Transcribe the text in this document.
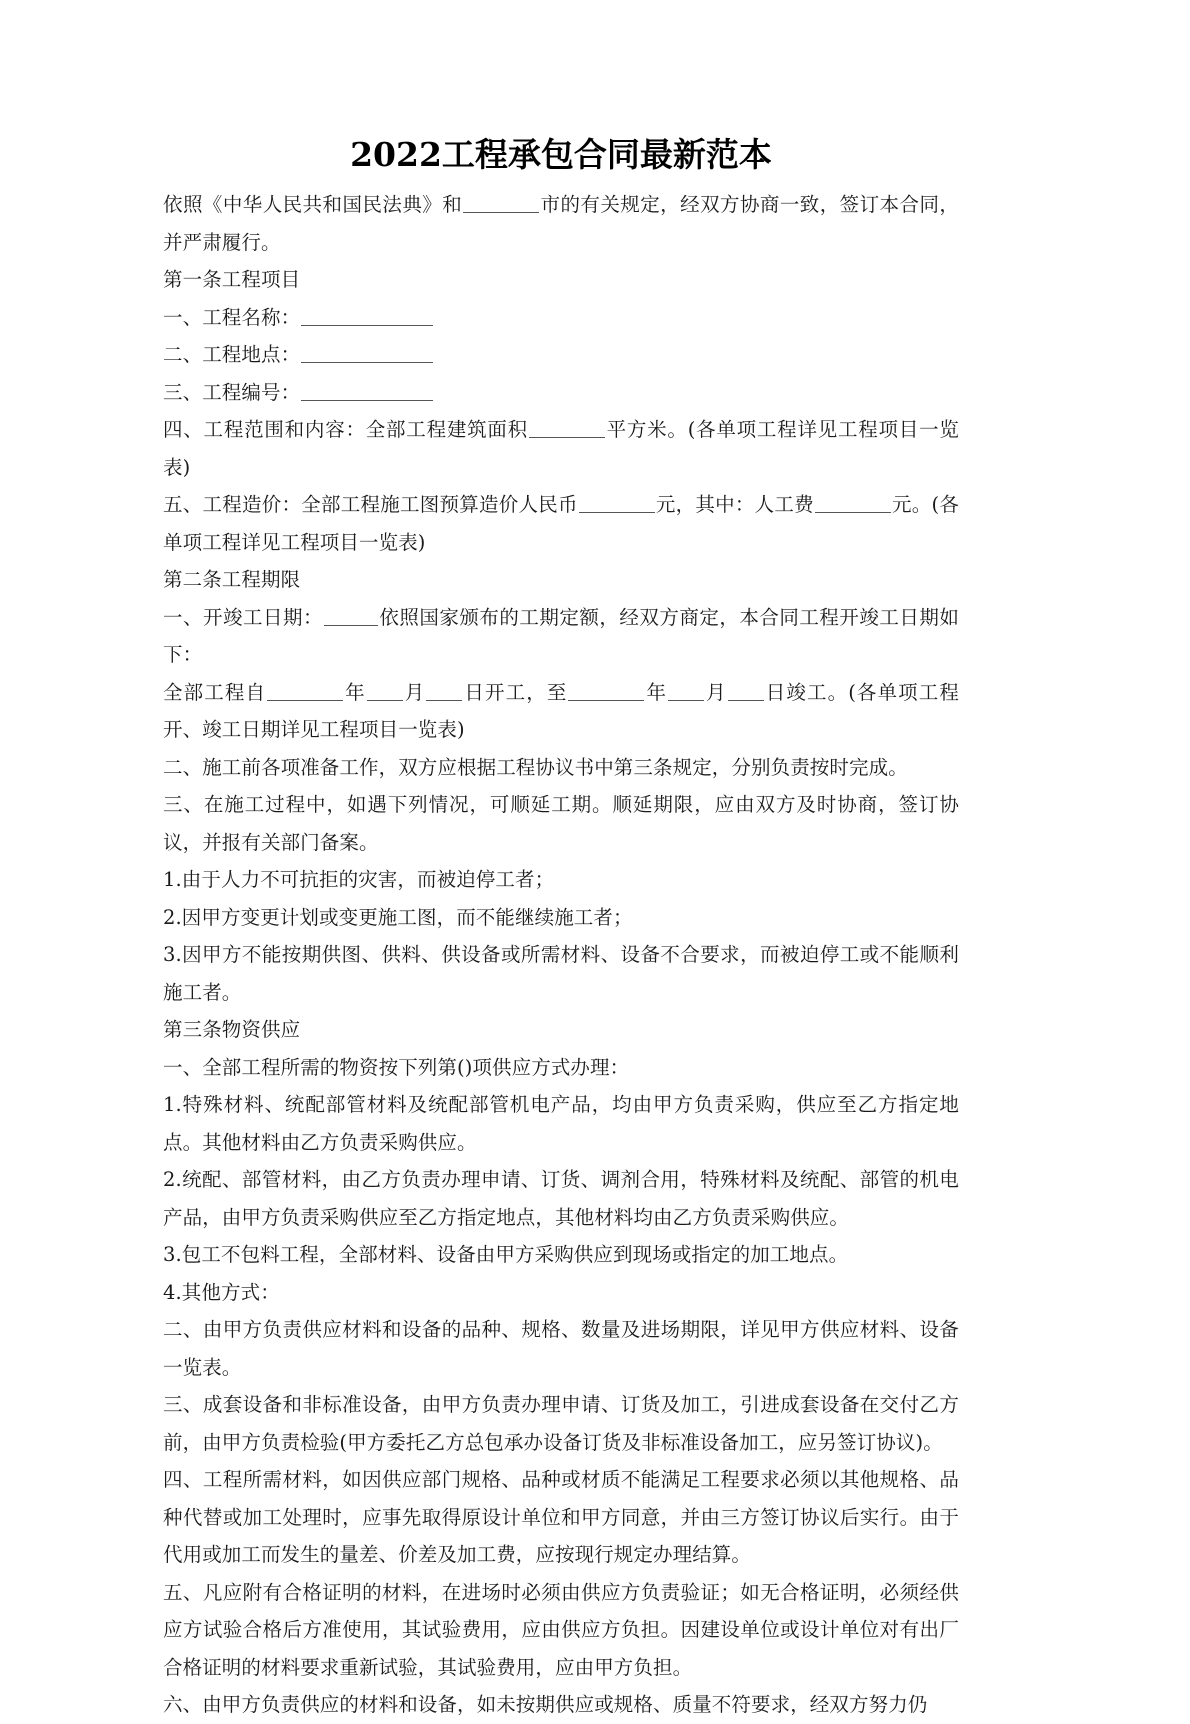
2022工程承包合同最新范本

依照《中华人民共和国民法典》和	市的有关规定，经双方协商一致，签订本合同，并严肃履行。

第一条工程项目

一、工程名称：

二、工程地点：

三、工程编号：

四、工程范围和内容：全部工程建筑面积	平方米。(各单项工程详见工程项目一览表)

五、工程造价：全部工程施工图预算造价人民币	元，其中：人工费	元。(各单项工程详见工程项目一览表)

第二条工程期限

一、开竣工日期：	依照国家颁布的工期定额，经双方商定，本合同工程开竣工日期如下：

全部工程自	年 月 日开工，至	年 月 日竣工。(各单项工程开、竣工日期详见工程项目一览表)

二、施工前各项准备工作，双方应根据工程协议书中第三条规定，分别负责按时完成。

三、在施工过程中，如遇下列情况，可顺延工期。顺延期限，应由双方及时协商，签订协议，并报有关部门备案。

1.由于人力不可抗拒的灾害，而被迫停工者；

2.因甲方变更计划或变更施工图，而不能继续施工者；

3.因甲方不能按期供图、供料、供设备或所需材料、设备不合要求，而被迫停工或不能顺利施工者。

第三条物资供应

一、全部工程所需的物资按下列第()项供应方式办理：

1.特殊材料、统配部管材料及统配部管机电产品，均由甲方负责采购，供应至乙方指定地点。其他材料由乙方负责采购供应。

2.统配、部管材料，由乙方负责办理申请、订货、调剂合用，特殊材料及统配、部管的机电产品，由甲方负责采购供应至乙方指定地点，其他材料均由乙方负责采购供应。

3.包工不包料工程，全部材料、设备由甲方采购供应到现场或指定的加工地点。

4.其他方式：

二、由甲方负责供应材料和设备的品种、规格、数量及进场期限，详见甲方供应材料、设备一览表。

三、成套设备和非标准设备，由甲方负责办理申请、订货及加工，引进成套设备在交付乙方前，由甲方负责检验(甲方委托乙方总包承办设备订货及非标准设备加工，应另签订协议)。

四、工程所需材料，如因供应部门规格、品种或材质不能满足工程要求必须以其他规格、品种代替或加工处理时，应事先取得原设计单位和甲方同意，并由三方签订协议后实行。由于代用或加工而发生的量差、价差及加工费，应按现行规定办理结算。

五、凡应附有合格证明的材料，在进场时必须由供应方负责验证；如无合格证明，必须经供应方试验合格后方准使用，其试验费用，应由供应方负担。因建设单位或设计单位对有出厂合格证明的材料要求重新试验，其试验费用，应由甲方负担。

六、由甲方负责供应的材料和设备，如未按期供应或规格、质量不符要求，经双方努力仍
